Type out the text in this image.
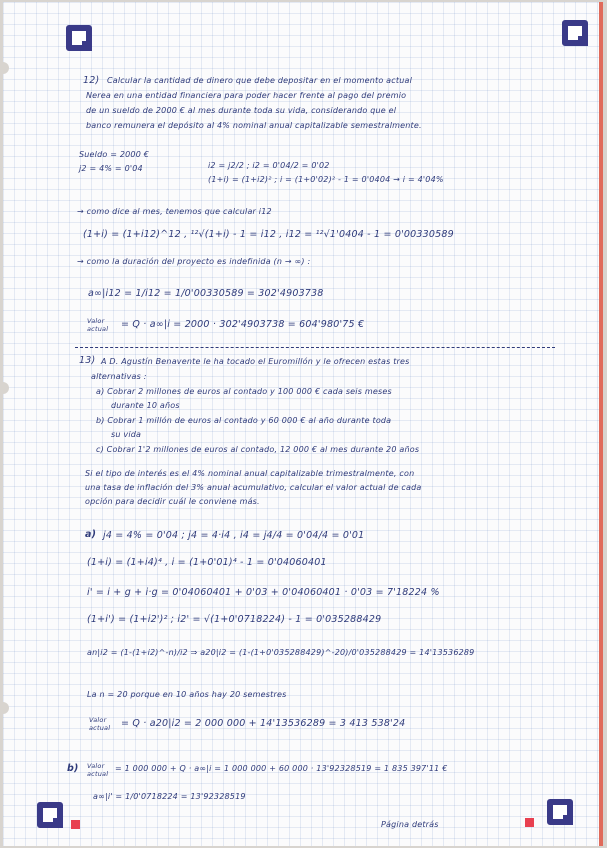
12) Calcular la cantidad de dinero que debe depositar en el momento actual
Nerea en una entidad financiera para poder hacer frente al pago del premio
de un sueldo de 2000 € al mes durante toda su vida, considerando que el
banco remunera el depósito al 4% nominal anual capitalizable semestralmente.
Sueldo = 2000 €
j2 = 4% = 0'04	i2 = j2/2 ; i2 = 0'04/2 = 0'02
(1+i) = (1+i2)² ; i = (1+0'02)² - 1 = 0'0404 → i = 4'04%
→ como dice al mes, tenemos que calcular i12
(1+i) = (1+i12)^12 , ¹²√(1+i) - 1 = i12 , i12 = ¹²√1'0404 - 1 = 0'00330589
→ como la duración del proyecto es indefinida (n → ∞) :
a∞|i12 = 1/i12 = 1/0'00330589 = 302'4903738
Valor actual	= Q · a∞|i = 2000 · 302'4903738 = 604'980'75 €
13) A D. Agustín Benavente le ha tocado el Euromillón y le ofrecen estas tres
alternativas :
a) Cobrar 2 millones de euros al contado y 100 000 € cada seis meses
durante 10 años
b) Cobrar 1 millón de euros al contado y 60 000 € al año durante toda
su vida
c) Cobrar 1'2 millones de euros al contado, 12 000 € al mes durante 20 años
Si el tipo de interés es el 4% nominal anual capitalizable trimestralmente, con
una tasa de inflación del 3% anual acumulativo, calcular el valor actual de cada
opción para decidir cuál le conviene más.
a) j4 = 4% = 0'04 ; j4 = 4·i4 , i4 = j4/4 = 0'04/4 = 0'01
(1+i) = (1+i4)⁴ , i = (1+0'01)⁴ - 1 = 0'04060401
i' = i + g + i·g = 0'04060401 + 0'03 + 0'04060401 · 0'03 = 7'18224 %
(1+i') = (1+i2')² ; i2' = √(1+0'0718224) - 1 = 0'035288429
an|i2 = (1-(1+i2)^-n)/i2 ⇒ a20|i2 = (1-(1+0'035288429)^-20)/0'035288429 = 14'13536289
La n = 20 porque en 10 años hay 20 semestres
Valor actual	= Q · a20|i2 = 2 000 000 + 14'13536289 = 3 413 538'24
b) Valor actual
= 1 000 000 + Q · a∞|i = 1 000 000 + 60 000 · 13'92328519 = 1 835 397'11 €
a∞|i' = 1/0'0718224 = 13'92328519
Página detrás
